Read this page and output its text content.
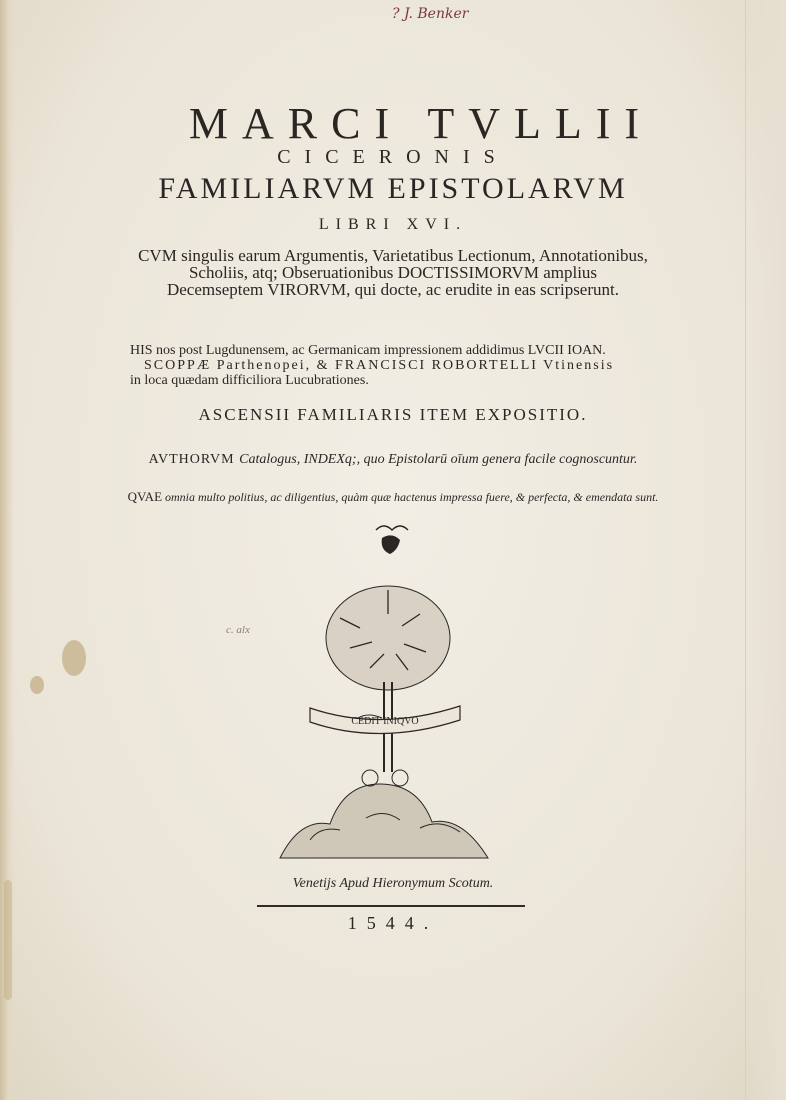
? J. Benker
MARCI TVLLII
CICERONIS
FAMILIARVM EPISTOLARVM
LIBRI XVI.
CVM singulis earum Argumentis, Varietatibus Lectionum, Annotationibus,
Scholiis, atq; Obseruationibus DOCTISSIMORVM amplius
Decemseptem VIRORVM, qui docte, ac erudite in eas scripserunt.
HIS nos post Lugdunensem, ac Germanicam impressionem addidimus LVCII IOAN.
SCOPPÆ Parthenopei, & FRANCISCI ROBORTELLI Vtinensis
in loca quædam difficiliora Lucubrationes.
ASCENSII FAMILIARIS ITEM EXPOSITIO.
AVTHORVM Catalogus, INDEXq;, quo Epistolarū oīum genera facile cognoscuntur.
QVAE omnia multo politius, ac diligentius, quàm quæ hactenus impressa fuere, & perfecta, & emendata sunt.
c. alx
CEDIT INIQVO
Venetijs Apud Hieronymum Scotum.
1544.
